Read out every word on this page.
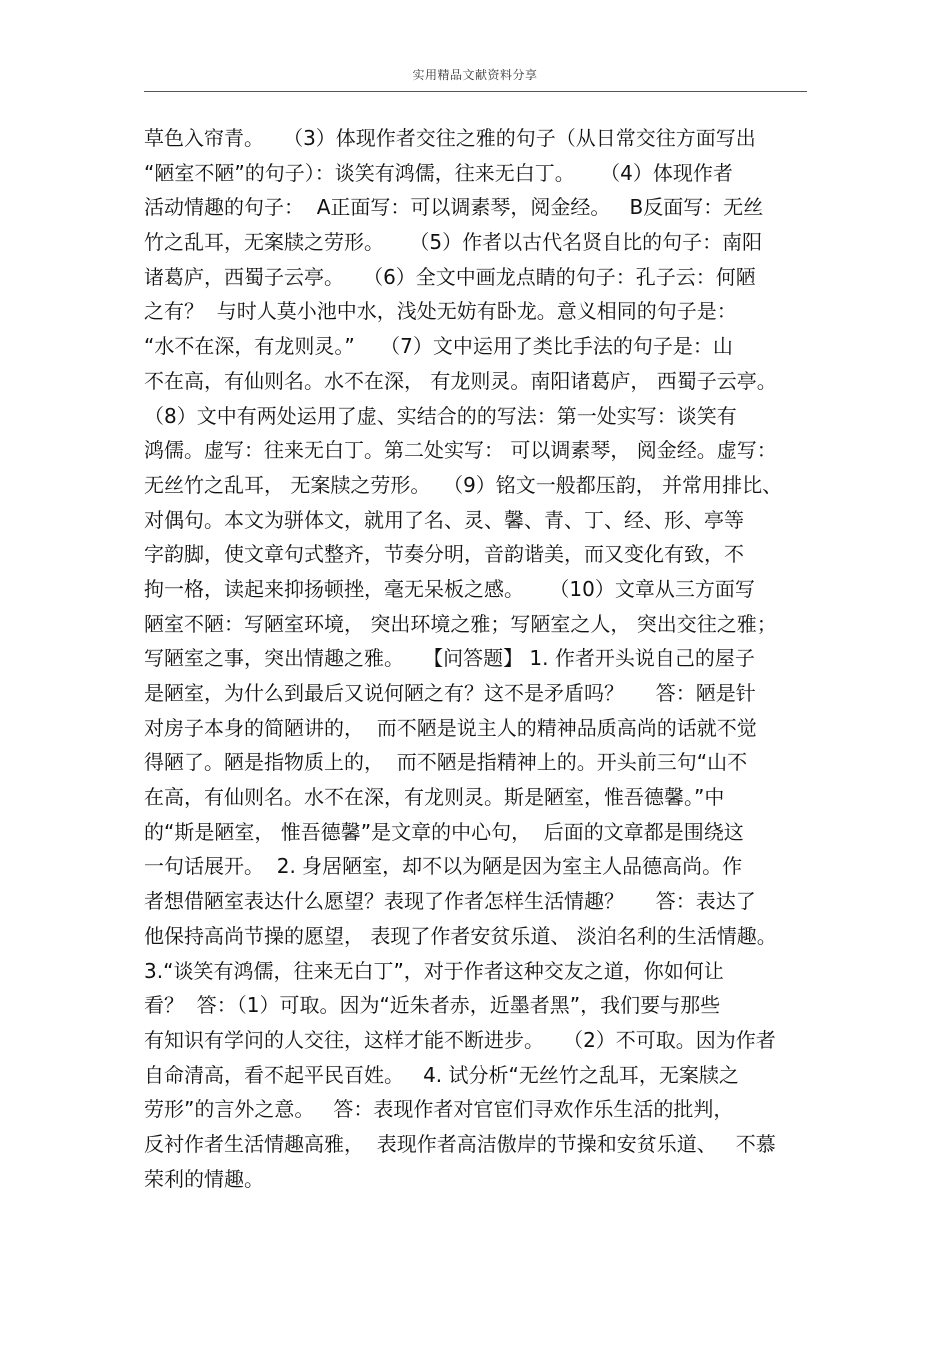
实用精品文献资料分享
草色入帘青。   （3）体现作者交往之雅的句子（从日常交往方面写出
“陋室不陋”的句子）：谈笑有鸿儒，往来无白丁。    （4）体现作者
活动情趣的句子：  A正面写：可以调素琴，阅金经。   B反面写：无丝
竹之乱耳，无案牍之劳形。    （5）作者以古代名贤自比的句子：南阳
诸葛庐，西蜀子云亭。   （6）全文中画龙点睛的句子：孔子云：何陋
之有？  与时人莫小池中水，浅处无妨有卧龙。意义相同的句子是：
“水不在深，有龙则灵。”    （7）文中运用了类比手法的句子是：山
不在高，有仙则名。水不在深， 有龙则灵。南阳诸葛庐， 西蜀子云亭。
（8）文中有两处运用了虚、实结合的的写法：第一处实写：谈笑有
鸿儒。虚写：往来无白丁。第二处实写： 可以调素琴， 阅金经。虚写：
无丝竹之乱耳， 无案牍之劳形。  （9）铭文一般都压韵， 并常用排比、
对偶句。本文为骈体文，就用了名、灵、馨、青、丁、经、形、亭等
字韵脚，使文章句式整齐，节奏分明，音韵谐美，而又变化有致，不
拘一格，读起来抑扬顿挫，毫无呆板之感。    （10）文章从三方面写
陋室不陋：写陋室环境， 突出环境之雅；写陋室之人， 突出交往之雅；
写陋室之事，突出情趣之雅。   【问答题】 1. 作者开头说自己的屋子
是陋室，为什么到最后又说何陋之有？这不是矛盾吗？     答：陋是针
对房子本身的简陋讲的，  而不陋是说主人的精神品质高尚的话就不觉
得陋了。陋是指物质上的，  而不陋是指精神上的。开头前三句“山不
在高，有仙则名。水不在深，有龙则灵。斯是陋室，惟吾德馨。”中
的“斯是陋室， 惟吾德馨”是文章的中心句，  后面的文章都是围绕这
一句话展开。  2. 身居陋室，却不以为陋是因为室主人品德高尚。作
者想借陋室表达什么愿望？表现了作者怎样生活情趣？     答：表达了
他保持高尚节操的愿望， 表现了作者安贫乐道、 淡泊名利的生活情趣。
3.“谈笑有鸿儒，往来无白丁”，对于作者这种交友之道，你如何让
看？  答：（1）可取。因为“近朱者赤，近墨者黑”，我们要与那些
有知识有学问的人交往，这样才能不断进步。   （2）不可取。因为作者
自命清高，看不起平民百姓。   4. 试分析“无丝竹之乱耳，无案牍之
劳形”的言外之意。   答：表现作者对官宦们寻欢作乐生活的批判，
反衬作者生活情趣高雅，  表现作者高洁傲岸的节操和安贫乐道、   不慕
荣利的情趣。
